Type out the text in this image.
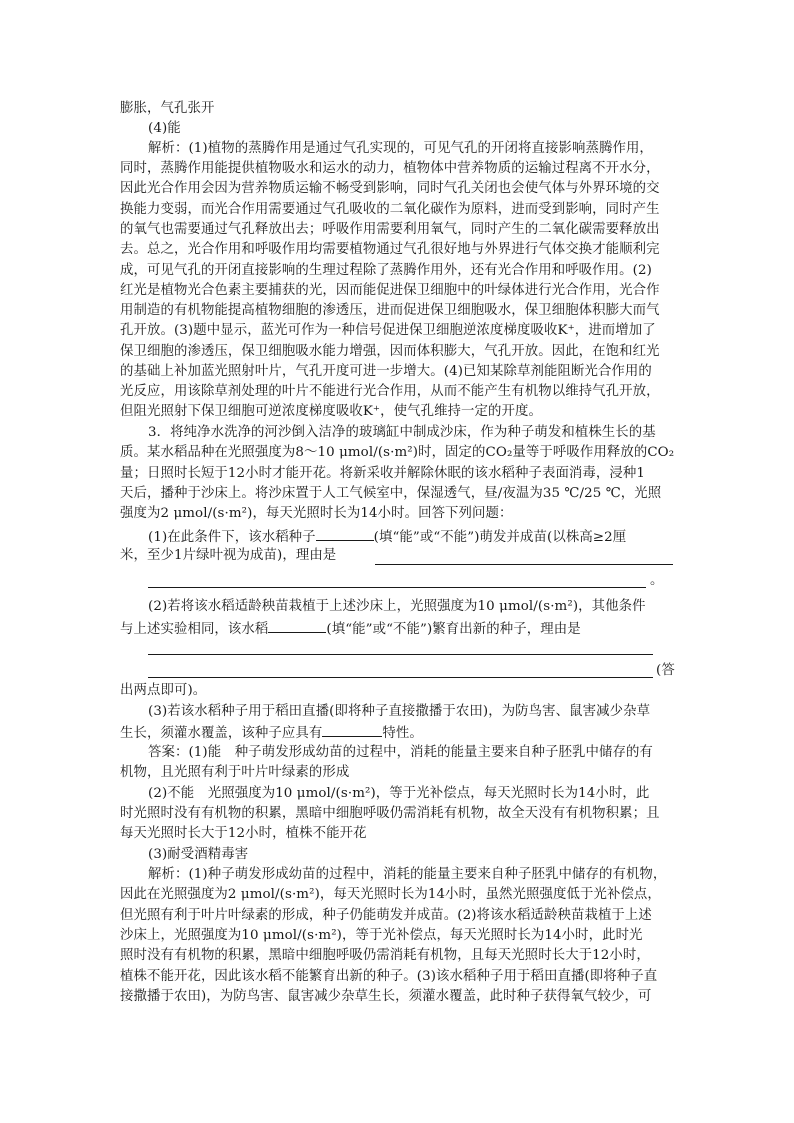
膨胀，气孔张开
(4)能
解析：(1)植物的蒸腾作用是通过气孔实现的，可见气孔的开闭将直接影响蒸腾作用，
同时，蒸腾作用能提供植物吸水和运水的动力，植物体中营养物质的运输过程离不开水分，
因此光合作用会因为营养物质运输不畅受到影响，同时气孔关闭也会使气体与外界环境的交
换能力变弱，而光合作用需要通过气孔吸收的二氧化碳作为原料，进而受到影响，同时产生
的氧气也需要通过气孔释放出去；呼吸作用需要利用氧气，同时产生的二氧化碳需要释放出
去。总之，光合作用和呼吸作用均需要植物通过气孔很好地与外界进行气体交换才能顺利完
成，可见气孔的开闭直接影响的生理过程除了蒸腾作用外，还有光合作用和呼吸作用。(2)
红光是植物光合色素主要捕获的光，因而能促进保卫细胞中的叶绿体进行光合作用，光合作
用制造的有机物能提高植物细胞的渗透压，进而促进保卫细胞吸水，保卫细胞体积膨大而气
孔开放。(3)题中显示，蓝光可作为一种信号促进保卫细胞逆浓度梯度吸收K⁺，进而增加了
保卫细胞的渗透压，保卫细胞吸水能力增强，因而体积膨大，气孔开放。因此，在饱和红光
的基础上补加蓝光照射叶片，气孔开度可进一步增大。(4)已知某除草剂能阻断光合作用的
光反应，用该除草剂处理的叶片不能进行光合作用，从而不能产生有机物以维持气孔开放，
但阻光照射下保卫细胞可逆浓度梯度吸收K⁺，使气孔维持一定的开度。
3．将纯净水洗净的河沙倒入洁净的玻璃缸中制成沙床，作为种子萌发和植株生长的基
质。某水稻品种在光照强度为8～10 μmol/(s·m²)时，固定的CO₂量等于呼吸作用释放的CO₂
量；日照时长短于12小时才能开花。将新采收并解除休眠的该水稻种子表面消毒，浸种1
天后，播种于沙床上。将沙床置于人工气候室中，保湿透气，昼/夜温为35 ℃/25 ℃，光照
强度为2 μmol/(s·m²)，每天光照时长为14小时。回答下列问题：
(1)在此条件下，该水稻种子	(填“能”或“不能”)萌发并成苗(以株高≥2厘
米，至少1片绿叶视为成苗)，理由是
。
(2)若将该水稻适龄秧苗栽植于上述沙床上，光照强度为10 μmol/(s·m²)，其他条件
与上述实验相同，该水稻	(填“能”或“不能”)繁育出新的种子，理由是
(答
出两点即可)。
(3)若该水稻种子用于稻田直播(即将种子直接撒播于农田)，为防鸟害、鼠害减少杂草
生长，须灌水覆盖，该种子应具有	特性。
答案：(1)能　种子萌发形成幼苗的过程中，消耗的能量主要来自种子胚乳中储存的有
机物，且光照有利于叶片叶绿素的形成
(2)不能　光照强度为10 μmol/(s·m²)，等于光补偿点，每天光照时长为14小时，此
时光照时没有有机物的积累，黑暗中细胞呼吸仍需消耗有机物，故全天没有有机物积累；且
每天光照时长大于12小时，植株不能开花
(3)耐受酒精毒害
解析：(1)种子萌发形成幼苗的过程中，消耗的能量主要来自种子胚乳中储存的有机物，
因此在光照强度为2 μmol/(s·m²)，每天光照时长为14小时，虽然光照强度低于光补偿点，
但光照有利于叶片叶绿素的形成，种子仍能萌发并成苗。(2)将该水稻适龄秧苗栽植于上述
沙床上，光照强度为10 μmol/(s·m²)，等于光补偿点，每天光照时长为14小时，此时光
照时没有有机物的积累，黑暗中细胞呼吸仍需消耗有机物，且每天光照时长大于12小时，
植株不能开花，因此该水稻不能繁育出新的种子。(3)该水稻种子用于稻田直播(即将种子直
接撒播于农田)，为防鸟害、鼠害减少杂草生长，须灌水覆盖，此时种子获得氧气较少，可
